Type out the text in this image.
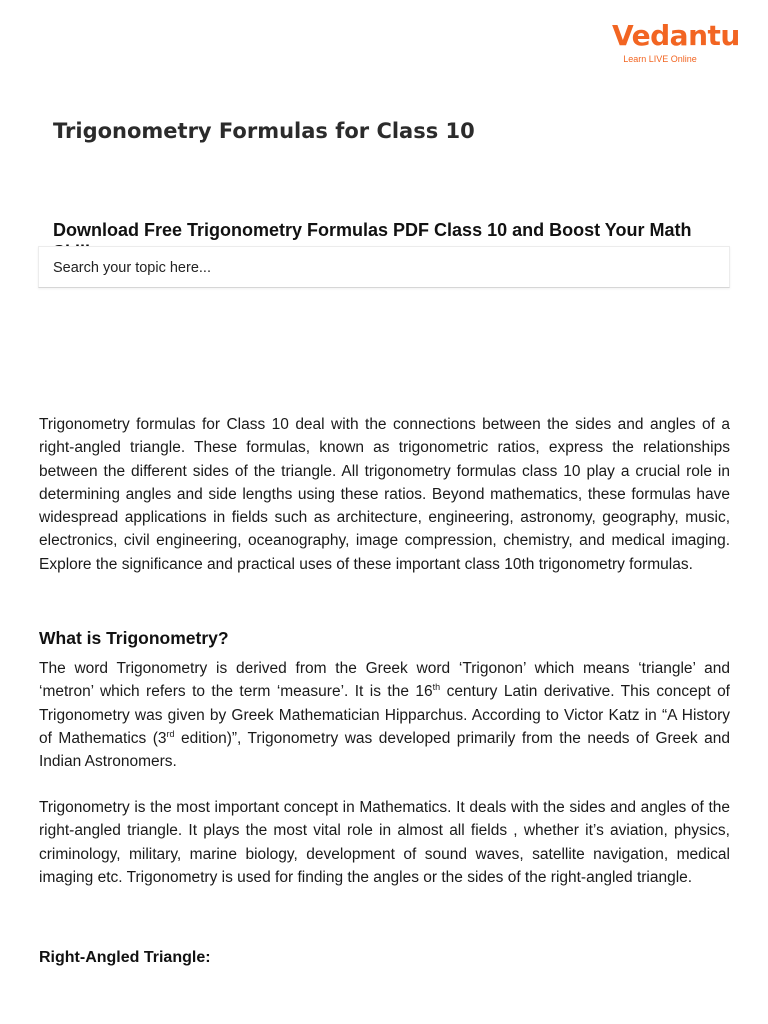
Vedantu
Learn LIVE Online
Trigonometry Formulas for Class 10
Download Free Trigonometry Formulas PDF Class 10 and Boost Your Math
Search your topic here...

Trigonometry formulas for Class 10 deal with the connections between the sides and angles of a right-angled triangle. These formulas, known as trigonometric ratios, express the relationships between the different sides of the triangle. All trigonometry formulas class 10 play a crucial role in determining angles and side lengths using these ratios. Beyond mathematics, these formulas have widespread applications in fields such as architecture, engineering, astronomy, geography, music, electronics, civil engineering, oceanography, image compression, chemistry, and medical imaging. Explore the significance and practical uses of these important class 10th trigonometry formulas.

What is Trigonometry?

The word Trigonometry is derived from the Greek word ‘Trigonon’ which means ‘triangle’ and ‘metron’ which refers to the term ‘measure’. It is the 16th century Latin derivative. This concept of Trigonometry was given by Greek Mathematician Hipparchus. According to Victor Katz in “A History of Mathematics (3rd edition)”, Trigonometry was developed primarily from the needs of Greek and Indian Astronomers.

Trigonometry is the most important concept in Mathematics. It deals with the sides and angles of the right-angled triangle. It plays the most vital role in almost all fields , whether it’s aviation, physics, criminology, military, marine biology, development of sound waves, satellite navigation, medical imaging etc. Trigonometry is used for finding the angles or the sides of the right-angled triangle.

Right-Angled Triangle:
